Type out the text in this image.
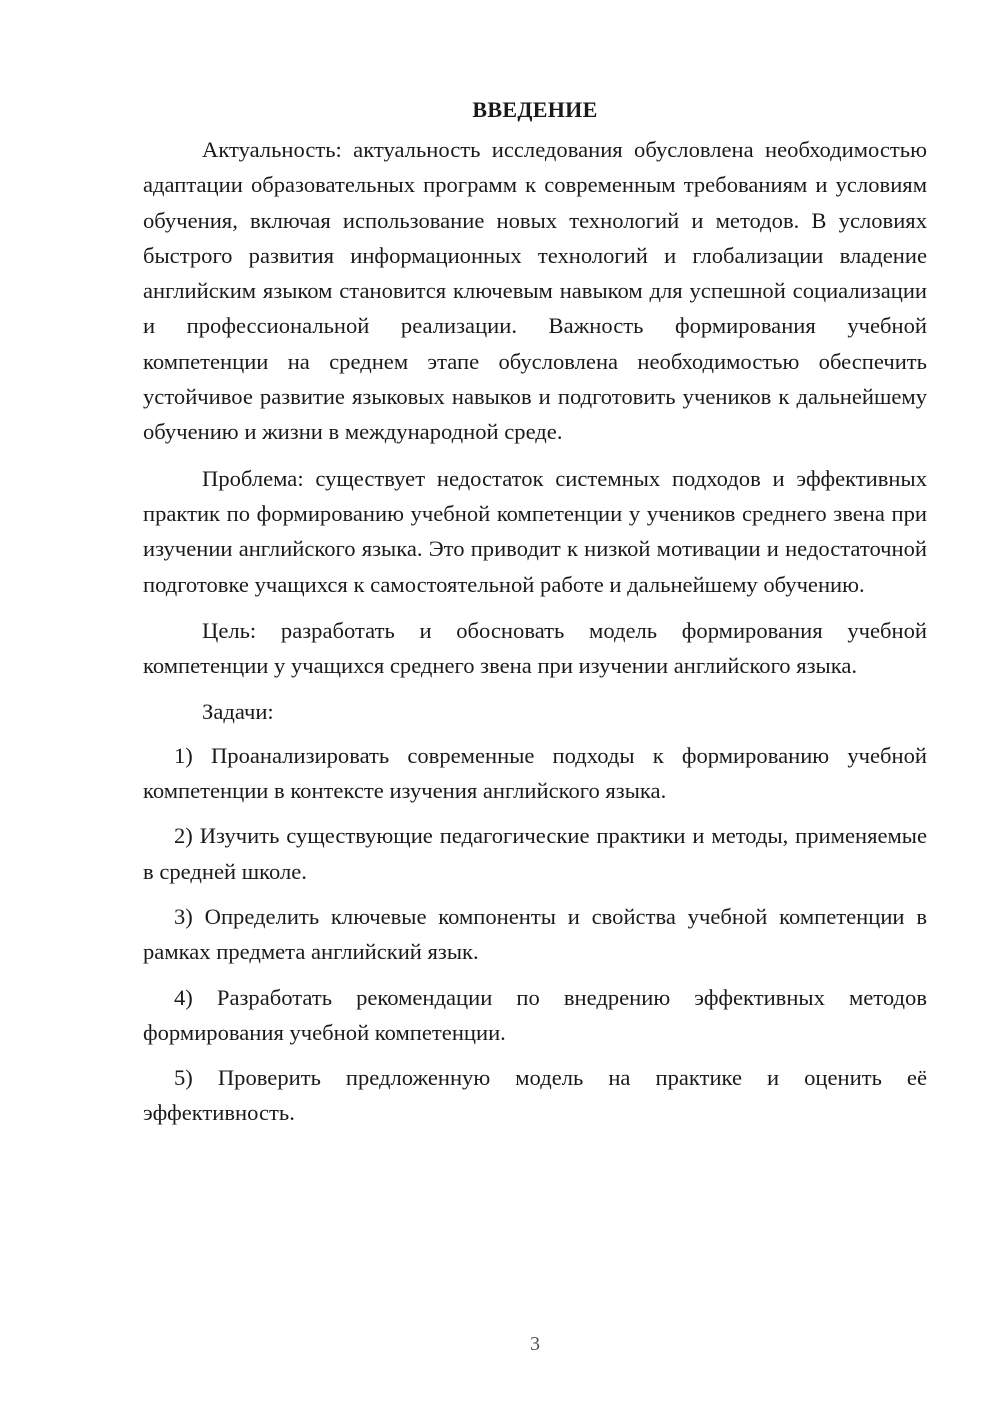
ВВЕДЕНИЕ

Актуальность: актуальность исследования обусловлена необходимостью адаптации образовательных программ к современным требованиям и условиям обучения, включая использование новых технологий и методов. В условиях быстрого развития информационных технологий и глобализации владение английским языком становится ключевым навыком для успешной социализации и профессиональной реализации. Важность формирования учебной компетенции на среднем этапе обусловлена необходимостью обеспечить устойчивое развитие языковых навыков и подготовить учеников к дальнейшему обучению и жизни в международной среде.

Проблема: существует недостаток системных подходов и эффективных практик по формированию учебной компетенции у учеников среднего звена при изучении английского языка. Это приводит к низкой мотивации и недостаточной подготовке учащихся к самостоятельной работе и дальнейшему обучению.

Цель: разработать и обосновать модель формирования учебной компетенции у учащихся среднего звена при изучении английского языка.

Задачи:

1) Проанализировать современные подходы к формированию учебной компетенции в контексте изучения английского языка.

2) Изучить существующие педагогические практики и методы, применяемые в средней школе.

3) Определить ключевые компоненты и свойства учебной компетенции в рамках предмета английский язык.

4) Разработать рекомендации по внедрению эффективных методов формирования учебной компетенции.

5) Проверить предложенную модель на практике и оценить её эффективность.

3
